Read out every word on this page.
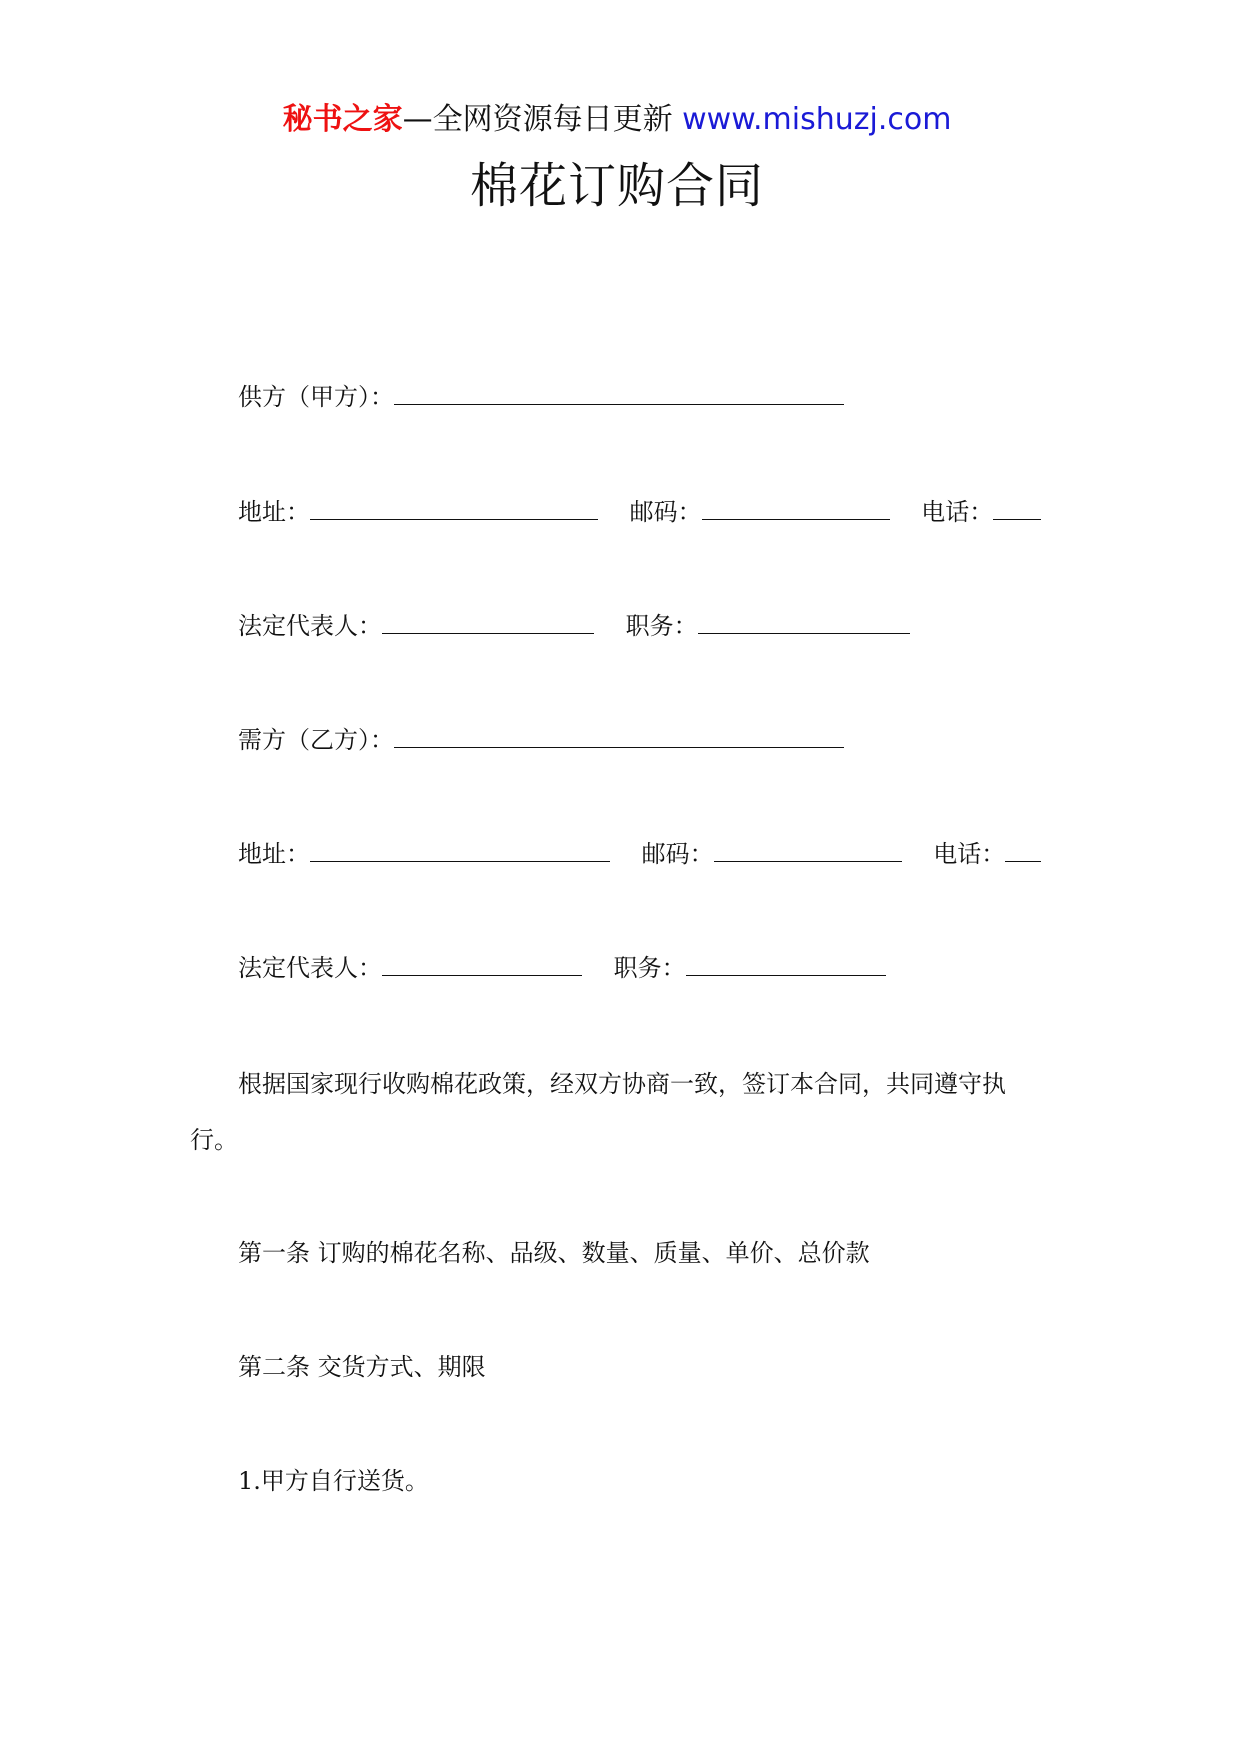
秘书之家—全网资源每日更新 www.mishuzj.com
棉花订购合同
供方（甲方）：
地址：	邮码：	电话：
法定代表人：	职务：
需方（乙方）：
地址：	邮码：	电话：
法定代表人：	职务：
根据国家现行收购棉花政策，经双方协商一致，签订本合同，共同遵守执行。
第一条 订购的棉花名称、品级、数量、质量、单价、总价款
第二条 交货方式、期限
1.甲方自行送货。
